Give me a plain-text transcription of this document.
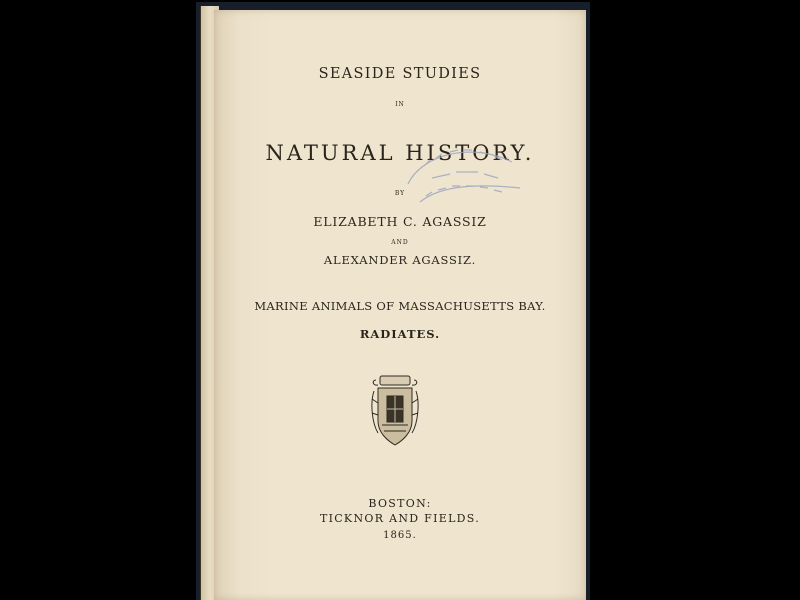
SEASIDE STUDIES
IN
NATURAL HISTORY.
BY
ELIZABETH C. AGASSIZ
AND
ALEXANDER AGASSIZ.
MARINE ANIMALS OF MASSACHUSETTS BAY.
RADIATES.
BOSTON:
TICKNOR AND FIELDS.
1865.
